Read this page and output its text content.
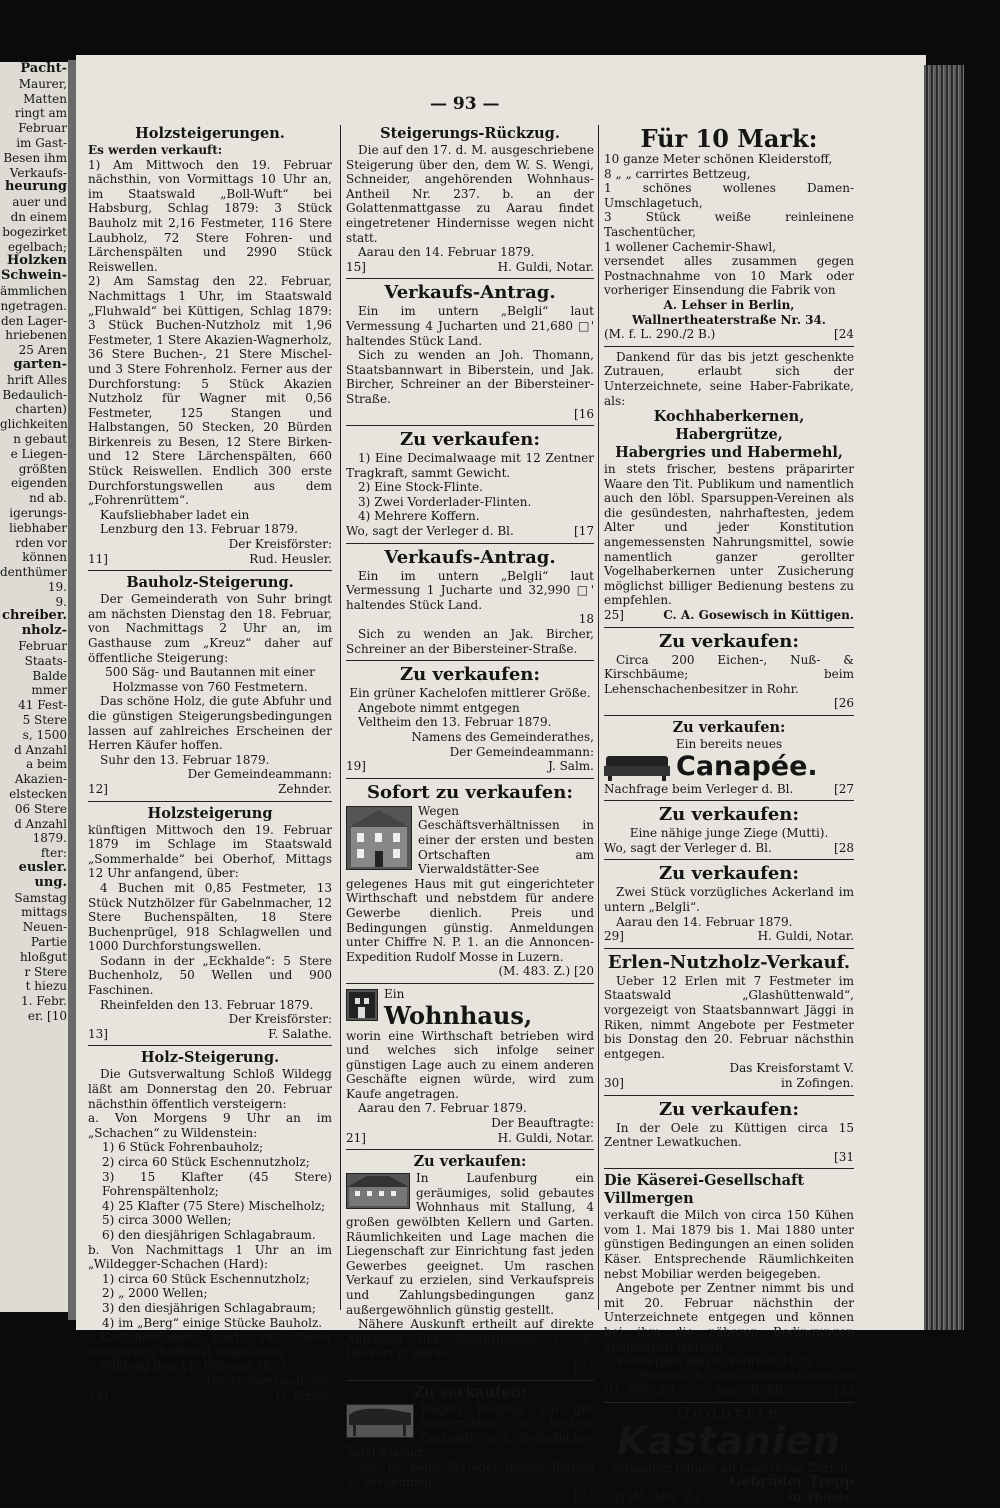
Pacht-
Maurer,
Matten
ringt am
Februar
im Gast-
Besen ihm
Verkaufs-
heurung
auer und
dn einem
bogezirket
egelbach;
Holzken
Schwein-
ämmlichen
ngetragen.
den Lager-
hriebenen
25 Aren
garten-
hrift Alles
Bedaulich-
charten)
glichkeiten
n gebaut
e Liegen-
größten
eigenden
nd ab.
igerungs-
liebhaber
rden vor
können
denthümer
19.
9.
chreiber.
nholz-
Februar
Staats-
Balde
mmer
41 Fest-
5 Stere
s, 1500
d Anzahl
a beim
Akazien-
elstecken
06 Stere
d Anzahl
1879.
fter:
eusler.
ung.
Samstag
mittags
Neuen-
Partie
hloßgut
r Stere
t hiezu
1. Febr.
er. [10
— 93 —
Holzsteigerungen.

Es werden verkauft:

1) Am Mittwoch den 19. Februar nächsthin, von Vormittags 10 Uhr an, im Staatswald „Boll-Wuft“ bei Habsburg, Schlag 1879: 3 Stück Bauholz mit 2,16 Festmeter, 116 Stere Laubholz, 72 Stere Fohren- und Lärchenspälten und 2990 Stück Reiswellen.

2) Am Samstag den 22. Februar, Nachmittags 1 Uhr, im Staatswald „Fluhwald“ bei Küttigen, Schlag 1879: 3 Stück Buchen-Nutzholz mit 1,96 Festmeter, 1 Stere Akazien-Wagnerholz, 36 Stere Buchen-, 21 Stere Mischel- und 3 Stere Fohrenholz. Ferner aus der Durchforstung: 5 Stück Akazien Nutzholz für Wagner mit 0,56 Festmeter, 125 Stangen und Halbstangen, 50 Stecken, 20 Bürden Birkenreis zu Besen, 12 Stere Birken- und 12 Stere Lärchenspälten, 660 Stück Reiswellen. Endlich 300 erste Durchforstungswellen aus dem „Fohrenrüttem“.

Kaufsliebhaber ladet ein

Lenzburg den 13. Februar 1879.

Der Kreisförster:

11]	Rud. Heusler.
Bauholz-Steigerung.

Der Gemeinderath von Suhr bringt am nächsten Dienstag den 18. Februar, von Nachmittags 2 Uhr an, im Gasthause zum „Kreuz“ daher auf öffentliche Steigerung:

500 Säg- und Bautannen mit einer Holzmasse von 760 Festmetern.

Das schöne Holz, die gute Abfuhr und die günstigen Steigerungsbedingungen lassen auf zahlreiches Erscheinen der Herren Käufer hoffen.

Suhr den 13. Februar 1879.

Der Gemeindeammann:

12]	Zehnder.
Holzsteigerung

künftigen Mittwoch den 19. Februar 1879 im Schlage im Staatswald „Sommerhalde“ bei Oberhof, Mittags 12 Uhr anfangend, über:

4 Buchen mit 0,85 Festmeter, 13 Stück Nutzhölzer für Gabelnmacher, 12 Stere Buchenspälten, 18 Stere Buchenprügel, 918 Schlagwellen und 1000 Durchforstungswellen.

Sodann in der „Eckhalde“: 5 Stere Buchenholz, 50 Wellen und 900 Faschinen.

Rheinfelden den 13. Februar 1879.

Der Kreisförster:

13]	F. Salathe.
Holz-Steigerung.

Die Gutsverwaltung Schloß Wildegg läßt am Donnerstag den 20. Februar nächsthin öffentlich versteigern:

a. Von Morgens 9 Uhr an im „Schachen“ zu Wildenstein:

1) 6 Stück Fohrenbauholz;

2) circa 60 Stück Eschennutzholz;

3) 15 Klafter (45 Stere) Fohrenspältenholz;

4) 25 Klafter (75 Stere) Mischelholz;

5) circa 3000 Wellen;

6) den diesjährigen Schlagabraum.

b. Von Nachmittags 1 Uhr an im „Wildegger-Schachen (Hard):

1) circa 60 Stück Eschennutzholz;

2) „ 2000 Wellen;

3) den diesjährigen Schlagabraum;

4) im „Berg“ einige Stücke Bauholz.

Kaufsliebhaber sind zu dieser Steigerung höflichst eingeladen.

Wildegg den 11. Februar 1879.

Die Gutsverwaltung:

14]	H. Streit.
Steigerungs-Rückzug.

Die auf den 17. d. M. ausgeschriebene Steigerung über den, dem W. S. Wengi, Schneider, angehörenden Wohnhaus-Antheil Nr. 237. b. an der Golattenmattgasse zu Aarau findet eingetretener Hindernisse wegen nicht statt.

Aarau den 14. Februar 1879.

15]	H. Guldi, Notar.
Verkaufs-Antrag.

Ein im untern „Belgli“ laut Vermessung 4 Jucharten und 21,680 □' haltendes Stück Land.

Sich zu wenden an Joh. Thomann, Staatsbannwart in Biberstein, und Jak. Bircher, Schreiner an der Bibersteiner-Straße.

[16

Zu verkaufen:

1) Eine Decimalwaage mit 12 Zentner Tragkraft, sammt Gewicht.

2) Eine Stock-Flinte.

3) Zwei Vorderlader-Flinten.

4) Mehrere Koffern.

Wo, sagt der Verleger d. Bl.	[17
Verkaufs-Antrag.

Ein im untern „Belgli“ laut Vermessung 1 Jucharte und 32,990 □' haltendes Stück Land.

18

Sich zu wenden an Jak. Bircher, Schreiner an der Bibersteiner-Straße.

Zu verkaufen:

Ein grüner Kachelofen mittlerer Größe.

Angebote nimmt entgegen

Veltheim den 13. Februar 1879.

Namens des Gemeinderathes,

Der Gemeindeammann:

19]	J. Salm.
Sofort zu verkaufen:

Wegen Geschäftsverhältnissen in einer der ersten und besten Ortschaften am Vierwaldstätter-See gelegenes Haus mit gut eingerichteter Wirthschaft und nebstdem für andere Gewerbe dienlich. Preis und Bedingungen günstig. Anmeldungen unter Chiffre N. P. 1. an die Annoncen-Expedition Rudolf Mosse in Luzern.

(M. 483. Z.) [20
Ein
Wohnhaus,

worin eine Wirthschaft betrieben wird und welches sich infolge seiner günstigen Lage auch zu einem anderen Geschäfte eignen würde, wird zum Kaufe angetragen.

Aarau den 7. Februar 1879.

Der Beauftragte:

21]	H. Guldi, Notar.
Zu verkaufen:

In Laufenburg ein geräumiges, solid gebautes Wohnhaus mit Stallung, 4 großen gewölbten Kellern und Garten. Räumlichkeiten und Lage machen die Liegenschaft zur Einrichtung fast jeden Gewerbes geeignet. Um raschen Verkauf zu erzielen, sind Verkaufspreis und Zahlungsbedingungen ganz außergewöhnlich günstig gestellt.

Nähere Auskunft ertheilt auf direkte Anfragen der Eigenthümer, C. F. Beckert in Aarau.

[22

Zu verkaufen:

Wegen Wegzug ein gut konservirtes, in bestem Zustande sich befindliches Tafel-Klavier.

Wo, ist beim Verleger dieses Blattes zu vernehmen.

[23

Für 10 Mark:

10 ganze Meter schönen Kleiderstoff,

8 „ „ carrirtes Bettzeug,

1 schönes wollenes Damen-Umschlagetuch,

3 Stück weiße reinleinene Taschentücher,

1 wollener Cachemir-Shawl,

versendet alles zusammen gegen Postnachnahme von 10 Mark oder vorheriger Einsendung die Fabrik von

A. Lehser in Berlin, Wallnertheaterstraße Nr. 34.

(M. f. L. 290./2 B.)	[24

Dankend für das bis jetzt geschenkte Zutrauen, erlaubt sich der Unterzeichnete, seine Haber-Fabrikate, als:

Kochhaberkernen, Habergrütze,
Habergries und Habermehl,

in stets frischer, bestens präparirter Waare den Tit. Publikum und namentlich auch den löbl. Sparsuppen-Vereinen als die gesündesten, nahrhaftesten, jedem Alter und jeder Konstitution angemessensten Nahrungsmittel, sowie namentlich ganzer gerollter Vogelhaberkernen unter Zusicherung möglichst billiger Bedienung bestens zu empfehlen.

25]	C. A. Gosewisch in Küttigen.
Zu verkaufen:

Circa 200 Eichen-, Nuß- & Kirschbäume; beim Lehenschachenbesitzer in Rohr.

[26

Zu verkaufen:

Ein bereits neues

Canapée.
Nachfrage beim Verleger d. Bl.	[27
Zu verkaufen:

Eine nähige junge Ziege (Mutti).

Wo, sagt der Verleger d. Bl.	[28
Zu verkaufen:

Zwei Stück vorzügliches Ackerland im untern „Belgli“.

Aarau den 14. Februar 1879.

29]	H. Guldi, Notar.
Erlen-Nutzholz-Verkauf.

Ueber 12 Erlen mit 7 Festmeter im Staatswald „Glashüttenwald“, vorgezeigt von Staatsbannwart Jäggi in Riken, nimmt Angebote per Festmeter bis Donstag den 20. Februar nächsthin entgegen.

Das Kreisforstamt V.

30]	in Zofingen.
Zu verkaufen:

In der Oele zu Küttigen circa 15 Zentner Lewatkuchen.

[31

Die Käserei-Gesellschaft Villmergen

verkauft die Milch von circa 150 Kühen vom 1. Mai 1879 bis 1. Mai 1880 unter günstigen Bedingungen an einen soliden Käser. Entsprechende Räumlichkeiten nebst Mobiliar werden beigegeben.

Angebote per Zentner nimmt bis und mit 20. Februar nächsthin der Unterzeichnete entgegen und können bei ihm die näheren Bedingungen eingesehen werden.

Villmergen den 9. Februar 1879.

Fischbach, Vice-Gemeindeammann

(H. 566. Z.)	zum „Rößli“.	[32
Gedörrte
Kastanien

verkaufen billigst ab Lagerhaus Zürich

Gebrüder Trepp

33] (M. 468. Z.)	in Thusis.
